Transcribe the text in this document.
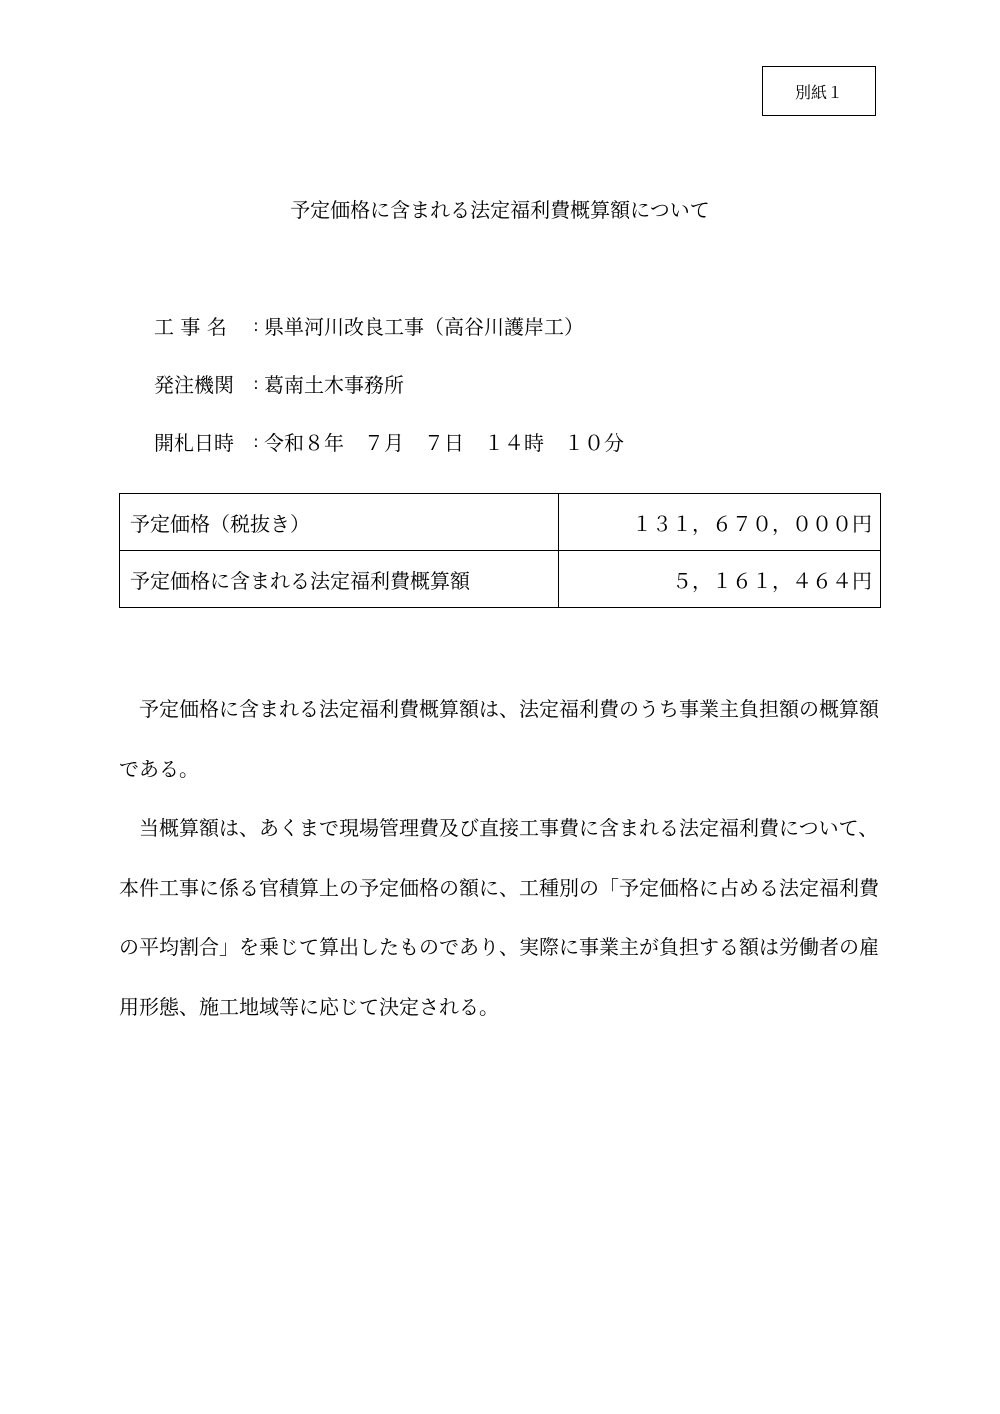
別紙１
予定価格に含まれる法定福利費概算額について
工 事 名	: 県単河川改良工事（高谷川護岸工）
発注機関	: 葛南土木事務所
開札日時	: 令和８年　７月　７日　１４時　１０分
予定価格（税抜き）	１３１，６７０，０００円
予定価格に含まれる法定福利費概算額	５，１６１，４６４円

予定価格に含まれる法定福利費概算額は、法定福利費のうち事業主負担額の概算額である。

当概算額は、あくまで現場管理費及び直接工事費に含まれる法定福利費について、本件工事に係る官積算上の予定価格の額に、工種別の「予定価格に占める法定福利費の平均割合」を乗じて算出したものであり、実際に事業主が負担する額は労働者の雇用形態、施工地域等に応じて決定される。
